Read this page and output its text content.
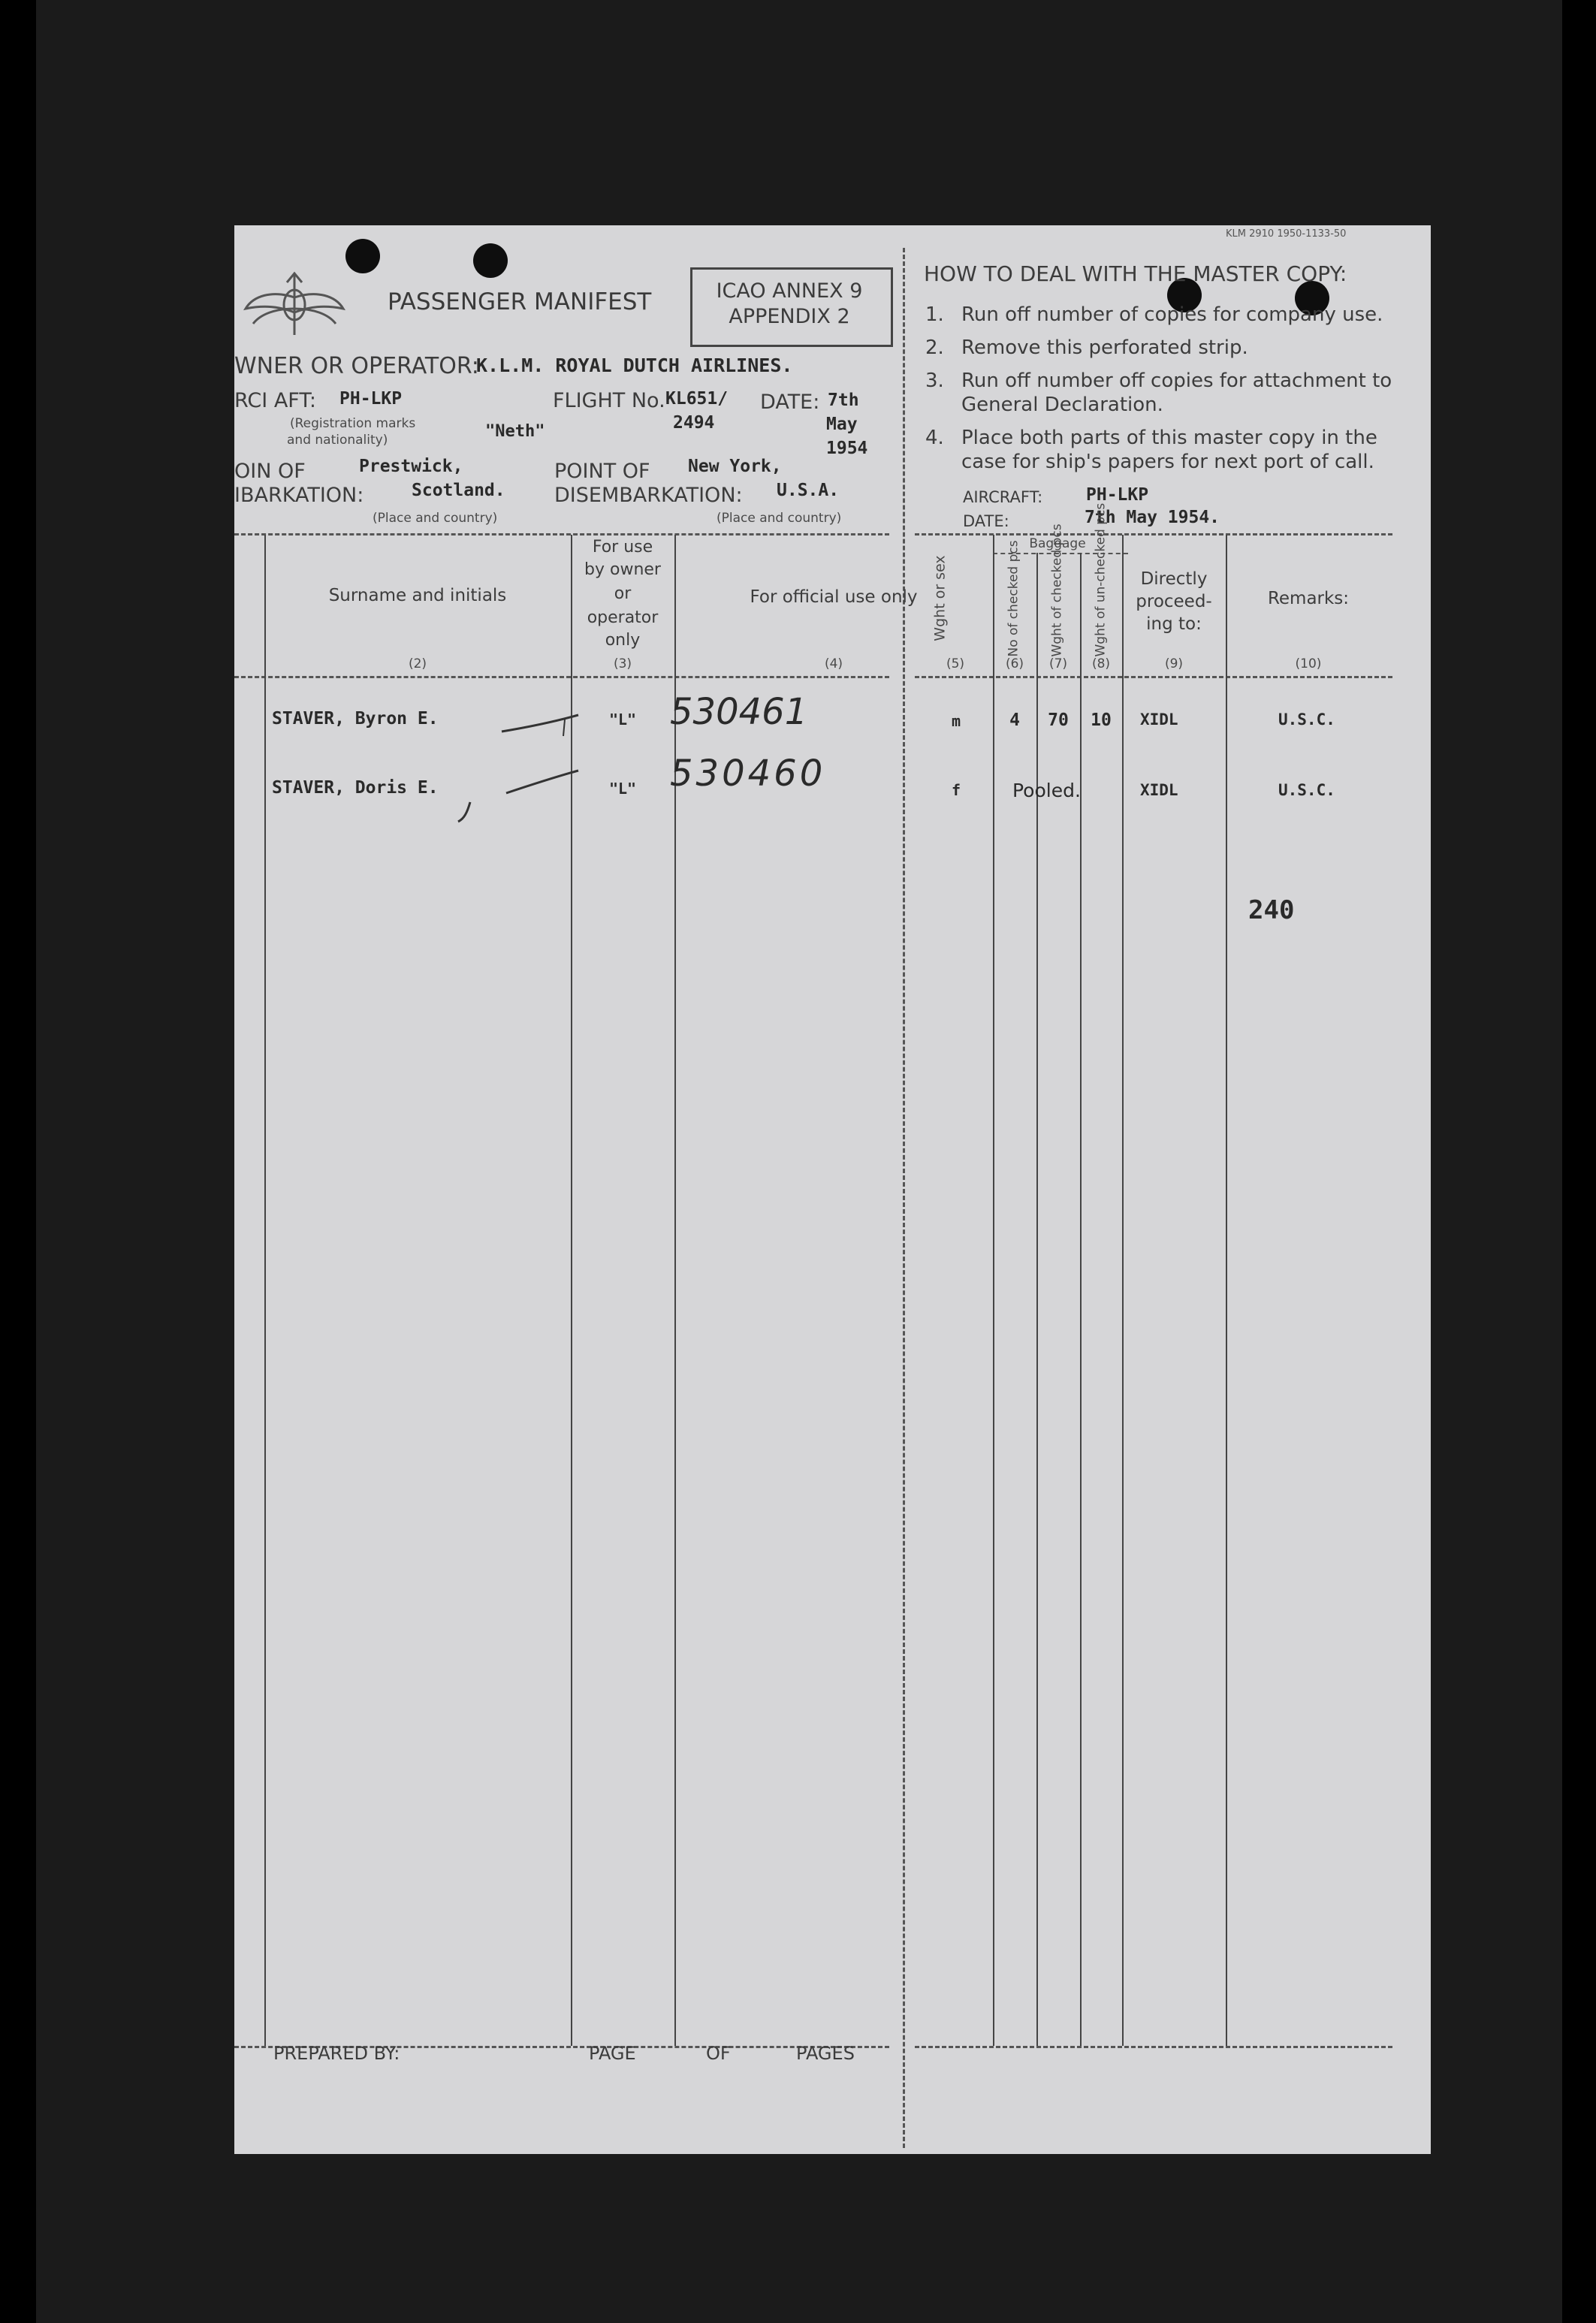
KLM 2910 1950-1133-50
PASSENGER MANIFEST	ICAO ANNEX 9
APPENDIX 2
WNER OR OPERATOR:
K.L.M. ROYAL DUTCH AIRLINES.
RCI AFT: PH-LKP
(Registration marks
and nationality)	"Neth"
FLIGHT No. KL651/
2494
DATE: 7th
May
1954
OIN OF
IBARKATION:
Prestwick,
Scotland.
(Place and country)
POINT OF
DISEMBARKATION:
New York,
U.S.A.
(Place and country)
HOW TO DEAL WITH THE MASTER COPY:
1. Run off number of copies for company use.
2. Remove this perforated strip.
3. Run off number off copies for attachment to
General Declaration.
4. Place both parts of this master copy in the
case for ship's papers for next port of call.
AIRCRAFT:	PH-LKP
DATE:	7th May 1954.
Surname and initials
(2)
For use
by owner
or
operator
only
(3)
For official use only
(4)
Wght or sex
(5)
Baggage
No of checked pcs
(6)
Wght of checked pcs
(7)
Wght of un-checked pcs
(8)
Directly
proceed-
ing to:
(9)
Remarks:
(10)
STAVER, Byron E.	"L" 530461	m	4	70	10	XIDL	U.S.C.
STAVER, Doris E.	"L" 530460	f	Pooled.	XIDL	U.S.C.
240
PREPARED BY:	PAGE	OF	PAGES
